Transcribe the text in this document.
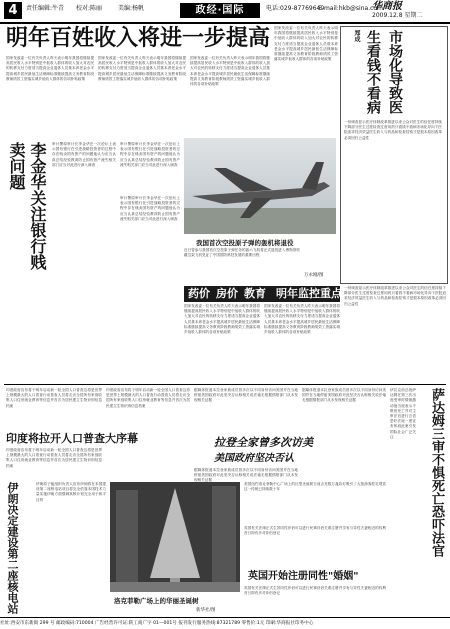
4	责任编辑:牛青 校对:陈丽	美编:杨帆	政经·国际	电话:029-87769640
E-mail:hkb@sina.com
华商报
2009.12.8 星期二
明年百姓收入将进一步提高
国家发改委一位有关负责人昨天表示明年我国将继续提高居民收入水平特别是中低收入群体的收入加大对农民的转移支付力度适当提高企业退休人员基本养老金水平提高城乡居民最低生活保障标准继续提高义务教育阶段教师绩效工资落实城乡低收入群体的各项补贴政策
国家发改委一位有关负责人昨天表示明年我国将继续提高居民收入水平特别是中低收入群体的收入加大对农民的转移支付力度适当提高企业退休人员基本养老金水平提高城乡居民最低生活保障标准继续提高义务教育阶段教师绩效工资落实城乡低收入群体的各项补贴政策
国家发改委一位有关负责人昨天表示明年我国将继续提高居民收入水平特别是中低收入群体的收入加大对农民的转移支付力度适当提高企业退休人员基本养老金水平提高城乡居民最低生活保障标准继续提高义务教育阶段教师绩效工资落实城乡低收入群体的各项补贴政策
国家发改委一位有关负责人昨天表示明年我国将继续提高居民收入水平特别是中低收入群体的收入加大对农民的转移支付力度适当提高企业退休人员基本养老金水平提高城乡居民最低生活保障标准继续提高义务教育阶段教师绩效工资落实城乡低收入群体的各项补贴政策
郑成	市场化导致医生看钱不看病
一份调查显示医疗体制改革推进以来公众对医生的信任度持续下降部分医生过度检查过度用药只看钱不看病市场化导向下医院追求经济效益医生收入与药品和检查挂钩才是根本原因改革必须回归公益性
李金华关注银行贱卖问题	审计署原审计长李金华在一次论坛上表示国有银行在引进战略投资者的过程中存在贱卖国有资产的问题他认为应当认真总结经验教训防止国有资产流失相关部门应当对此进行深入调查
审计署原审计长李金华在一次论坛上表示国有银行在引进战略投资者的过程中存在贱卖国有资产的问题他认为应当认真总结经验教训防止国有资产流失相关部门应当对此进行深入调查
我国首次空投原子弹的轰机将退役
近日曾参与我国首次空投原子弹任务的轰六飞机将正式退役进入博物馆收藏这架飞机见证了中国国防科技发展的重要历程
万永刚/图
审计署原审计长李金华在一次论坛上表示国有银行在引进战略投资者的过程中存在贱卖国有资产的问题他认为应当认真总结经验教训防止国有资产流失相关部门应当对此进行深入调查
药价 房价 教育 明年监控重点
国家发改委一位有关负责人昨天表示明年我国将继续提高居民收入水平特别是中低收入群体的收入加大对农民的转移支付力度适当提高企业退休人员基本养老金水平提高城乡居民最低生活保障标准继续提高义务教育阶段教师绩效工资落实城乡低收入群体的各项补贴政策
国家发改委一位有关负责人昨天表示明年我国将继续提高居民收入水平特别是中低收入群体的收入加大对农民的转移支付力度适当提高企业退休人员基本养老金水平提高城乡居民最低生活保障标准继续提高义务教育阶段教师绩效工资落实城乡低收入群体的各项补贴政策
一份调查显示医疗体制改革推进以来公众对医生的信任度持续下降部分医生过度检查过度用药只看钱不看病市场化导向下医院追求经济效益医生收入与药品和检查挂钩才是根本原因改革必须回归公益性
印度政府宣布将于明年启动新一轮全国人口普查这将是世界上规模最大的人口普查行动普查人员将走访全国所有家庭收集人口住房就业教育等信息并首次为居民建立生物识别信息档案
印度将拉开人口普查大序幕
印度政府宣布将于明年启动新一轮全国人口普查这将是世界上规模最大的人口普查行动普查人员将走访全国所有家庭收集人口住房就业教育等信息并首次为居民建立生物识别信息档案
印度政府宣布将于明年启动新一轮全国人口普查这将是世界上规模最大的人口普查行动普查人员将走访全国所有家庭收集人口住房就业教育等信息并首次为居民建立生物识别信息档案
据媒体报道本拉登家族成员曾多次以不同身份访问美国并在当地停留美国政府对此坚决否认称相关说法毫无根据情报部门从未发现相关证据
拉登全家曾多次访美
美国政府坚决否认
据媒体报道本拉登家族成员曾多次以不同身份访问美国并在当地停留美国政府对此坚决否认称相关说法毫无根据情报部门从未发现相关证据
据媒体报道本拉登家族成员曾多次以不同身份访问美国并在当地停留美国政府对此坚决否认称相关说法毫无根据情报部门从未发现相关证据	萨达姆三审不惧死亡恐吓法官
伊拉克前总统萨达姆在第三次出庭受审时情绪激动他当庭表示不惧怕死亡并对主审法官进行言语恐吓法庭一度宣布休庭此案引发国际社会广泛关注
伊朗决定建设第二座核电站	伊朗原子能组织负责人宣布伊朗将在本国建设第二座核电站项目将完全依靠本国技术力量实施伊朗方面强调其核计划完全用于和平目的
洛克菲勒广场上的华丽圣诞树
新华社/图
美国纽约洛克菲勒中心广场上的巨型圣诞树日前点亮数万盏彩灯吸引了大批游客驻足观赏这一传统已持续数十年
英国有关法律正式生效同性伴侣可以进行民事伴侣关系注册并享有与异性夫妻相近的权利首日即有多对伴侣登记
英国开始注册同性"婚姻"
英国有关法律正式生效同性伴侣可以进行民事伴侣关系注册并享有与异性夫妻相近的权利首日即有多对伴侣登记
社址:西安市东新街 299 号 邮政编码:710004 广告经营许可证:陕工商广字 01—001号 报刊发行服务热线:87321789 零售价:1元 印刷:华商报社印务中心
